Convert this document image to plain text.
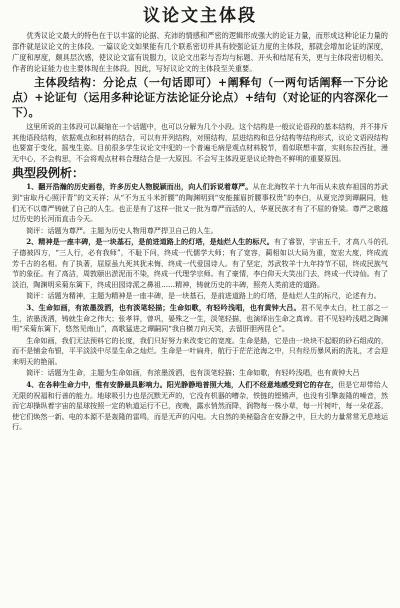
议论文主体段

优秀议论文最大的特色在于以丰富的论据、充沛的情感和严密的逻辑形成强大的论证力量，而形成这种论证力量的部件就是议论文的主体段。一篇议论文如果能有几个联系密切并具有较强论证力度的主体段，那就会增加论证的深度，广度和厚度，颇具层次感，使议论文富有说服力，议论文出彩与否均与标题、开头和结尾有关，更与主体段密切相关。作者的论证能力也主要体现在主体段。因此，写好议论文的主体段至关重要。

主体段结构：分论点（一句话即可）+阐释句（一两句话阐释一下分论点）+论证句（运用多种论证方法论证分论点）+结句（对论证的内容深化一下）。

这里所说的主体段可以凝缩在一个话题中，也可以分解为几个小段。这个结构是一般议论语段的基本结构，并不排斥其他语段结构，依据观点和材料的结合，可以有并列结构，对照结构，层进结构和总分结构等结构形式，议论文语段结构也要富于变化，摇曳生姿。目前很多学生议论文中犯的一个普遍毛病是观点材料脱节，看似联想丰富，实则东拉西扯，漫无中心，不会构思，不会将观点材料合理结合是一大原因。不会写主体段更是议论特色不鲜明的重要原因。

典型段例析：

1、翻开浩瀚的历史画卷，许多历史人物脱颖而出，向人们诉说着尊严。从在北海牧羊十九年而从未放弃祖国的苏武到“宙取丹心照汗青”的文天祥；从“不为五斗米折腰”的陶渊明到“安能摧眉折腰事权贵”的李白，从夏完淳到谭嗣同，他们无不以尊严铸就了自己的人生。也正是有了这样一批又一批为尊严而活的人，华夏民族才有了不屈的脊梁。尊严之歌越过历史的长河而直击今天。

简评：话题为尊严。主题为历史人物用尊严捍卫自己的人生。

2、精神是一座丰碑，是一块基石，是前进道路上的灯塔，是灿烂人生的标尺。有了睿智，宇宙五千，才高八斗的孔子德被四方，“三人行，必有我师”，不耻下问，终成一代儒学大师；有了宽容，蔺相如以大局为重，宽宏大度，终成流芳千古的名相。有了执著，屈原虽九死其犹未悔，终成一代爱国诗人。有了坚定，苏武牧羊十九年持节不屈，终成民族气节的象征。有了高洁，周敦颐出淤泥而不染，终成一代理学宗师。有了豪情，李白仰天大笑出门去，终成一代诗仙。有了淡泊，陶渊明采菊东篱下，终成田园诗派之鼻祖……精神，铸就历史的丰碑，照亮人类前进的道路。

简评：话题为精神，主题为精神是一座丰碑，是一块基石，是前进道路上的灯塔，是灿烂人生的标尺，论述有力。

3、生命如画，有浓墨泼洒，也有淡笔轻描；生命如歌，有轻吟浅唱，也有黄钟大吕。君不见李太白，杜工部之一生，浓墨泼洒，铸就生命之伟大；张孝祥，曾巩，晏殊之一生，淡笔轻描，也演绎出生命之真谛。君不见轻吟浅唱之陶渊明“采菊东篱下，悠然见南山”，高歌猛进之谭嗣同“我自横刀向天笑，去留肝胆两昆仑”。

生命如画，我们无法预料它的长度，我们只好努力来改变它的宽度。生命是路，它是由一块块不起眼的砂石组成的，而不是铺金布银，平平淡淡中尽显生命之灿烂。生命是一叶扁舟，航行于茫茫沧海之中，只有经历暴风雨的洗礼，才会迎来明天的艳丽。

简评：话题为生命，主题为生命如画，有浓墨泼洒，也有淡笔轻描；生命如歌，有轻吟浅唱，也有黄钟大吕

4、在各种生命力中，惟有安静最具影响力。阳光静静地普照大地，人们不经意地感受到它的存在，但是它却带给人无限的祝福和行善的能力。地球吸引力也是沉默无声的，它没有机器的嘈杂，铁链的铿锵声，也没有引擎轰隆的噪音，然而它却操纵着宇宙的星球按照一定的轨道运行不已，夜晚，露水悄然而降，润物每一株小草，每一片树叶，每一朵花蕊，使它们焕然一新。电的本源不是轰隆的雷鸣，而是无声的闪电。大自然的美秘隐含在安静之中，巨大的力量常常无息地运行。
